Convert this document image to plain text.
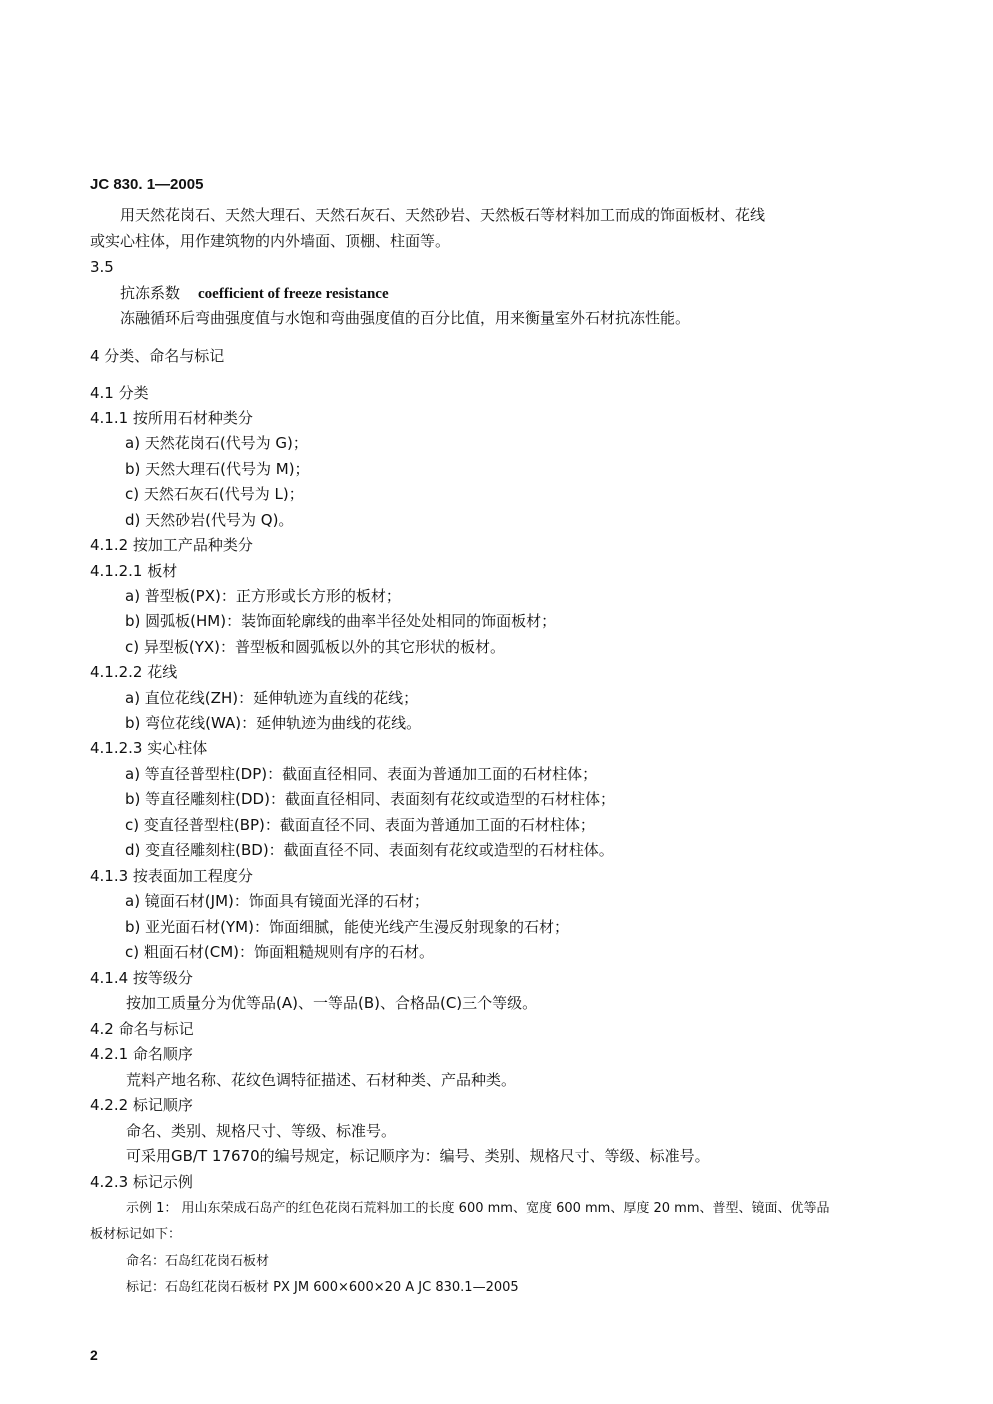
JC 830. 1—2005
用天然花岗石、天然大理石、天然石灰石、天然砂岩、天然板石等材料加工而成的饰面板材、花线
或实心柱体，用作建筑物的内外墙面、顶棚、柱面等。
3.5
抗冻系数 coefficient of freeze resistance
冻融循环后弯曲强度值与水饱和弯曲强度值的百分比值，用来衡量室外石材抗冻性能。
4 分类、命名与标记
4.1 分类
4.1.1 按所用石材种类分
a) 天然花岗石(代号为 G)；
b) 天然大理石(代号为 M)；
c) 天然石灰石(代号为 L)；
d) 天然砂岩(代号为 Q)。
4.1.2 按加工产品种类分
4.1.2.1 板材
a) 普型板(PX)：正方形或长方形的板材；
b) 圆弧板(HM)：装饰面轮廓线的曲率半径处处相同的饰面板材；
c) 异型板(YX)：普型板和圆弧板以外的其它形状的板材。
4.1.2.2 花线
a) 直位花线(ZH)：延伸轨迹为直线的花线；
b) 弯位花线(WA)：延伸轨迹为曲线的花线。
4.1.2.3 实心柱体
a) 等直径普型柱(DP)：截面直径相同、表面为普通加工面的石材柱体；
b) 等直径雕刻柱(DD)：截面直径相同、表面刻有花纹或造型的石材柱体；
c) 变直径普型柱(BP)：截面直径不同、表面为普通加工面的石材柱体；
d) 变直径雕刻柱(BD)：截面直径不同、表面刻有花纹或造型的石材柱体。
4.1.3 按表面加工程度分
a) 镜面石材(JM)：饰面具有镜面光泽的石材；
b) 亚光面石材(YM)：饰面细腻，能使光线产生漫反射现象的石材；
c) 粗面石材(CM)：饰面粗糙规则有序的石材。
4.1.4 按等级分
按加工质量分为优等品(A)、一等品(B)、合格品(C)三个等级。
4.2 命名与标记
4.2.1 命名顺序
荒料产地名称、花纹色调特征描述、石材种类、产品种类。
4.2.2 标记顺序
命名、类别、规格尺寸、等级、标准号。
可采用GB/T 17670的编号规定，标记顺序为：编号、类别、规格尺寸、等级、标准号。
4.2.3 标记示例
示例 1： 用山东荣成石岛产的红色花岗石荒料加工的长度 600 mm、宽度 600 mm、厚度 20 mm、普型、镜面、优等品
板材标记如下：
命名：石岛红花岗石板材
标记：石岛红花岗石板材 PX JM 600×600×20 A JC 830.1—2005
2
